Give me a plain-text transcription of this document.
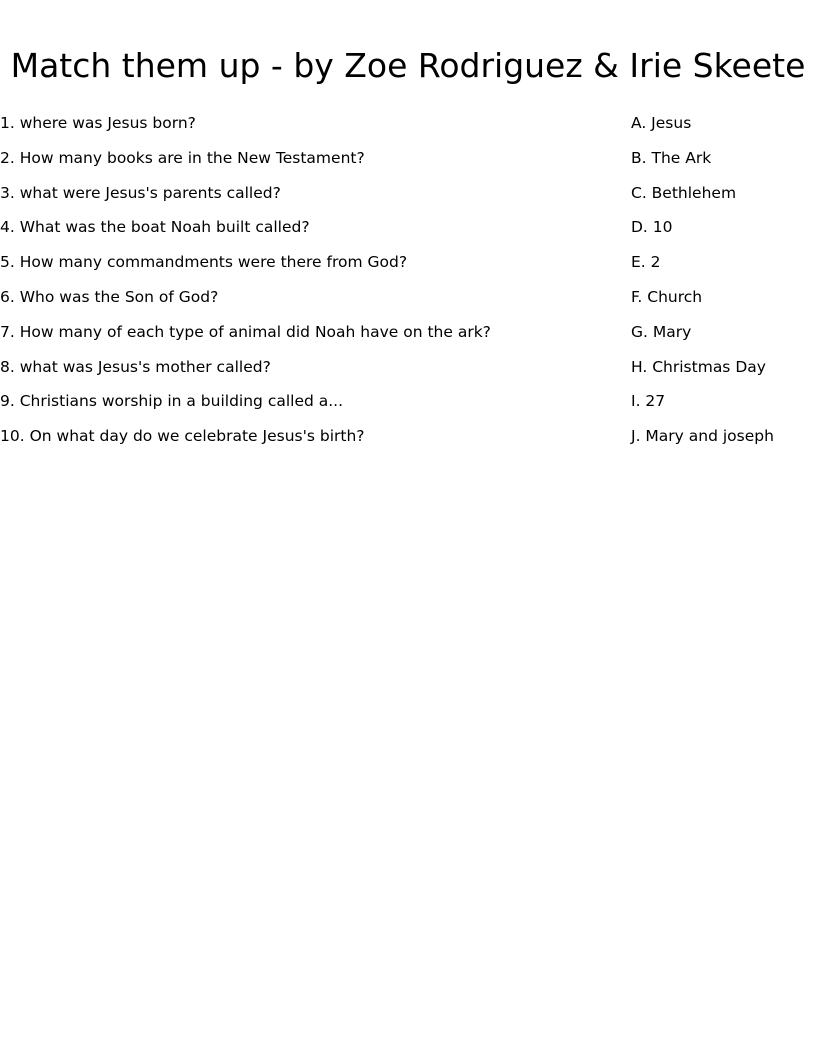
Match them up - by Zoe Rodriguez & Irie Skeete
1. where was Jesus born?
2. How many books are in the New Testament?
3. what were Jesus's parents called?
4. What was the boat Noah built called?
5. How many commandments were there from God?
6. Who was the Son of God?
7. How many of each type of animal did Noah have on the ark?
8. what was Jesus's mother called?
9. Christians worship in a building called a...
10. On what day do we celebrate Jesus's birth?
A. Jesus
B. The Ark
C. Bethlehem
D. 10
E. 2
F. Church
G. Mary
H. Christmas Day
I. 27
J. Mary and joseph
